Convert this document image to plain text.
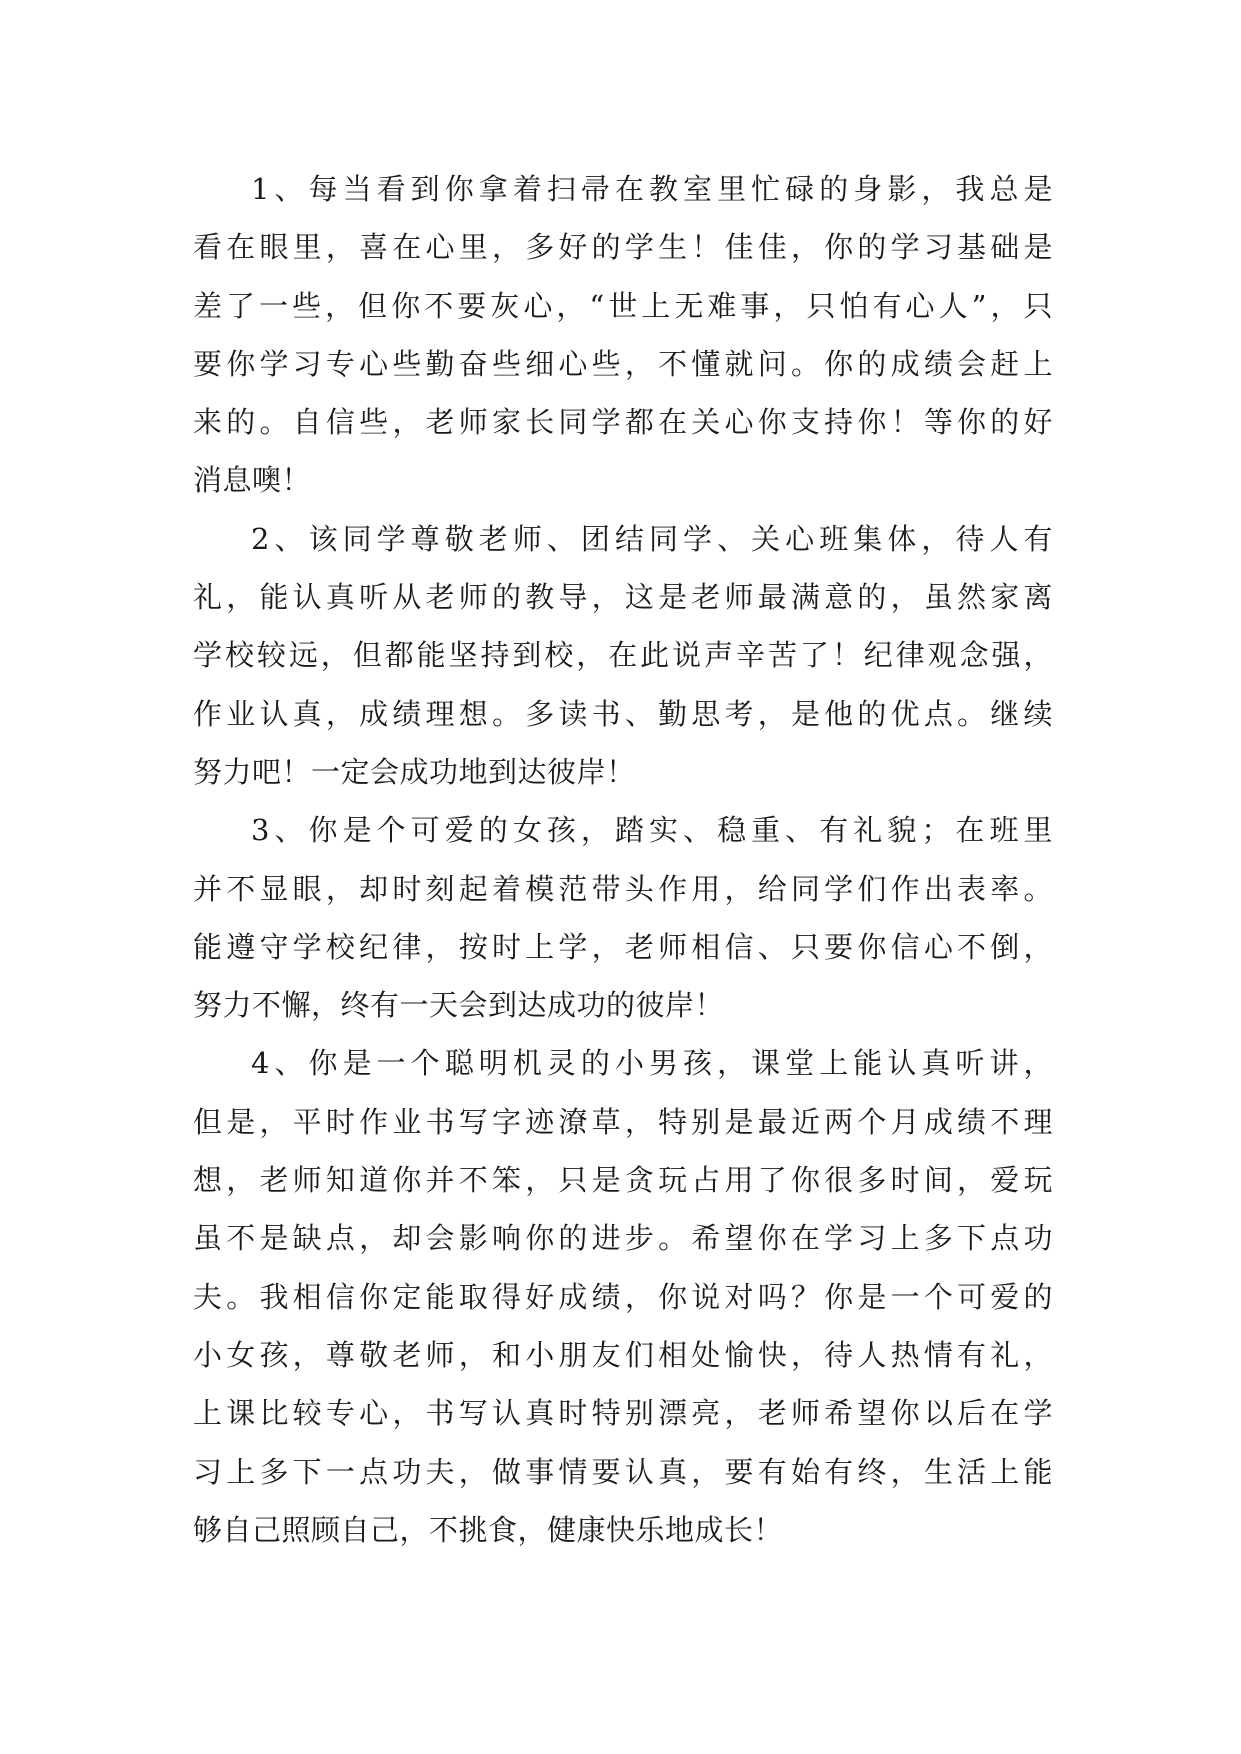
1、每当看到你拿着扫帚在教室里忙碌的身影，我总是
看在眼里，喜在心里，多好的学生！佳佳，你的学习基础是
差了一些，但你不要灰心，“世上无难事，只怕有心人”，只
要你学习专心些勤奋些细心些，不懂就问。你的成绩会赶上
来的。自信些，老师家长同学都在关心你支持你！等你的好
消息噢！
2、该同学尊敬老师、团结同学、关心班集体，待人有
礼，能认真听从老师的教导，这是老师最满意的，虽然家离
学校较远，但都能坚持到校，在此说声辛苦了！纪律观念强，
作业认真，成绩理想。多读书、勤思考，是他的优点。继续
努力吧！一定会成功地到达彼岸！
3、你是个可爱的女孩，踏实、稳重、有礼貌；在班里
并不显眼，却时刻起着模范带头作用，给同学们作出表率。
能遵守学校纪律，按时上学，老师相信、只要你信心不倒，
努力不懈，终有一天会到达成功的彼岸！
4、你是一个聪明机灵的小男孩，课堂上能认真听讲，
但是，平时作业书写字迹潦草，特别是最近两个月成绩不理
想，老师知道你并不笨，只是贪玩占用了你很多时间，爱玩
虽不是缺点，却会影响你的进步。希望你在学习上多下点功
夫。我相信你定能取得好成绩，你说对吗？你是一个可爱的
小女孩，尊敬老师，和小朋友们相处愉快，待人热情有礼，
上课比较专心，书写认真时特别漂亮，老师希望你以后在学
习上多下一点功夫，做事情要认真，要有始有终，生活上能
够自己照顾自己，不挑食，健康快乐地成长！
